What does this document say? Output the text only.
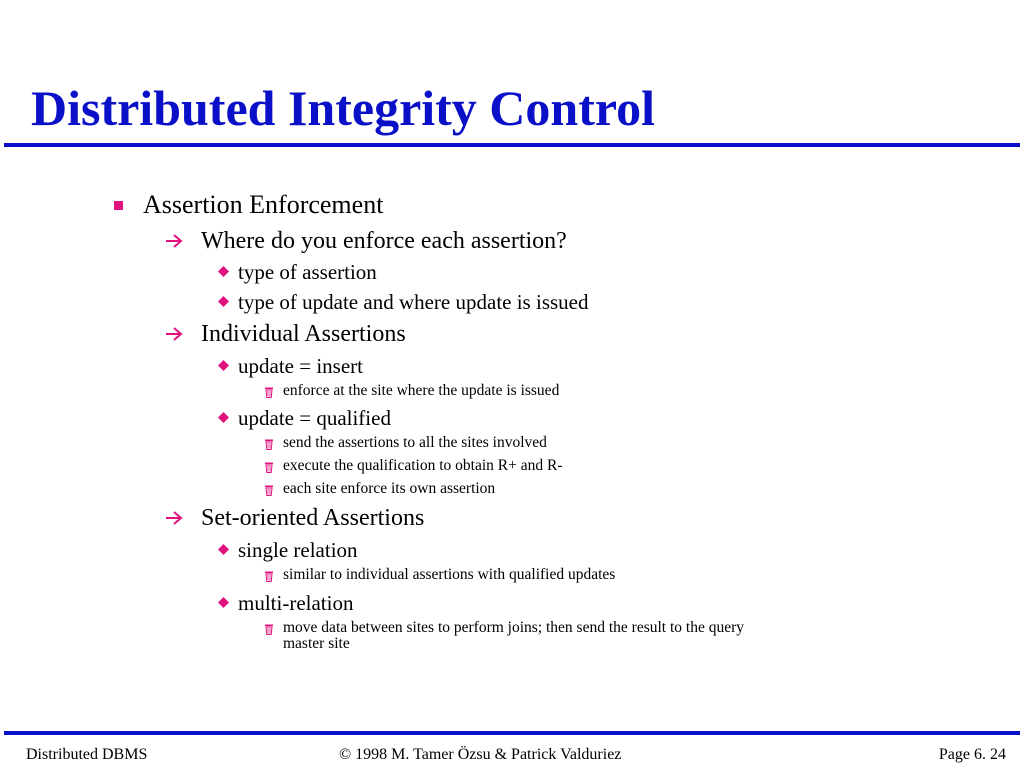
Distributed Integrity Control
Assertion Enforcement
Where do you enforce each assertion?
type of assertion
type of update and where update is issued
Individual Assertions
update = insert
enforce at the site where the update is issued
update = qualified
send the assertions to all the sites involved
execute the qualification to obtain R+ and R-
each site enforce its own assertion
Set-oriented Assertions
single relation
similar to individual assertions with qualified updates
multi-relation
move data between sites to perform joins; then send the result to the query
master site
Distributed DBMS	© 1998 M. Tamer Özsu & Patrick Valduriez	Page 6. 24
